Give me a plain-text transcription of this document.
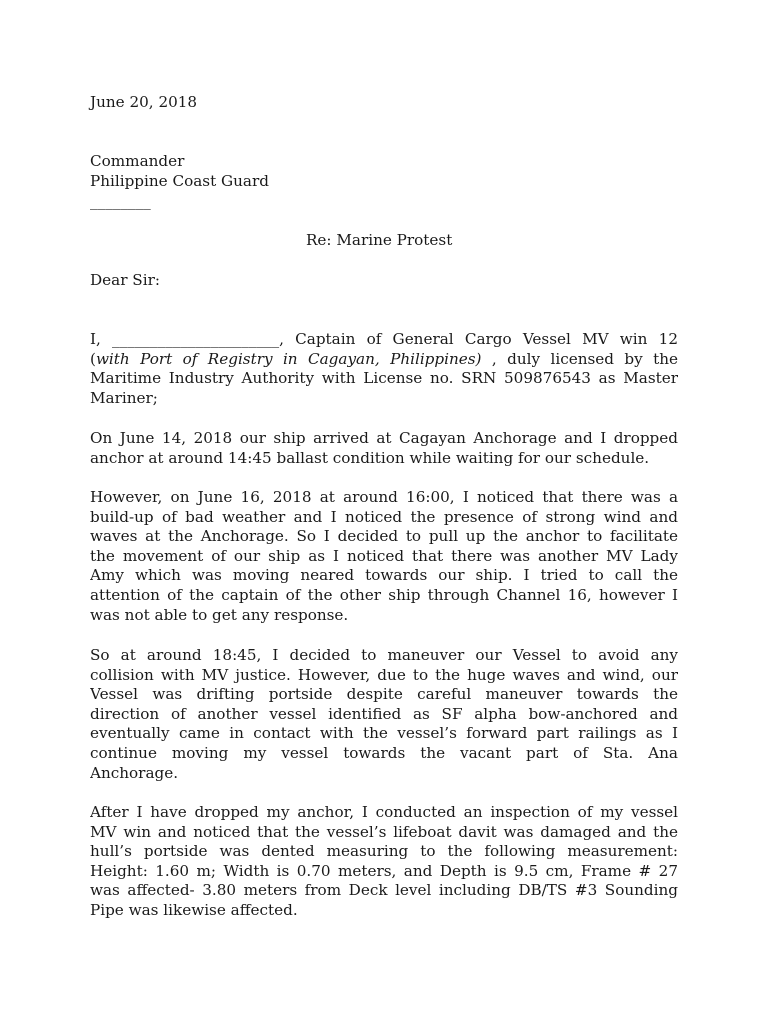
June 20, 2018
Commander
Philippine Coast Guard
________
Re: Marine Protest
Dear Sir:
I, ______________________, Captain of General Cargo Vessel MV win 12
(with Port of Registry in Cagayan, Philippines) , duly licensed by the
Maritime Industry Authority with License no. SRN 509876543 as Master
Mariner;
On June 14, 2018 our ship arrived at Cagayan Anchorage and I dropped
anchor at around 14:45 ballast condition while waiting for our schedule.
However, on June 16, 2018 at around 16:00, I noticed that there was a
build-up of bad weather and I noticed the presence of strong wind and
waves at the Anchorage. So I decided to pull up the anchor to facilitate
the movement of our ship as I noticed that there was another MV Lady
Amy which was moving neared towards our ship. I tried to call the
attention of the captain of the other ship through Channel 16, however I
was not able to get any response.
So at around 18:45, I decided to maneuver our Vessel to avoid any
collision with MV justice. However, due to the huge waves and wind, our
Vessel was drifting portside despite careful maneuver towards the
direction of another vessel identified as SF alpha bow-anchored and
eventually came in contact with the vessel’s forward part railings as I
continue moving my vessel towards the vacant part of Sta. Ana
Anchorage.
After I have dropped my anchor, I conducted an inspection of my vessel
MV win and noticed that the vessel’s lifeboat davit was damaged and the
hull’s portside was dented measuring to the following measurement:
Height: 1.60 m; Width is 0.70 meters, and Depth is 9.5 cm, Frame # 27
was affected- 3.80 meters from Deck level including DB/TS #3 Sounding
Pipe was likewise affected.
